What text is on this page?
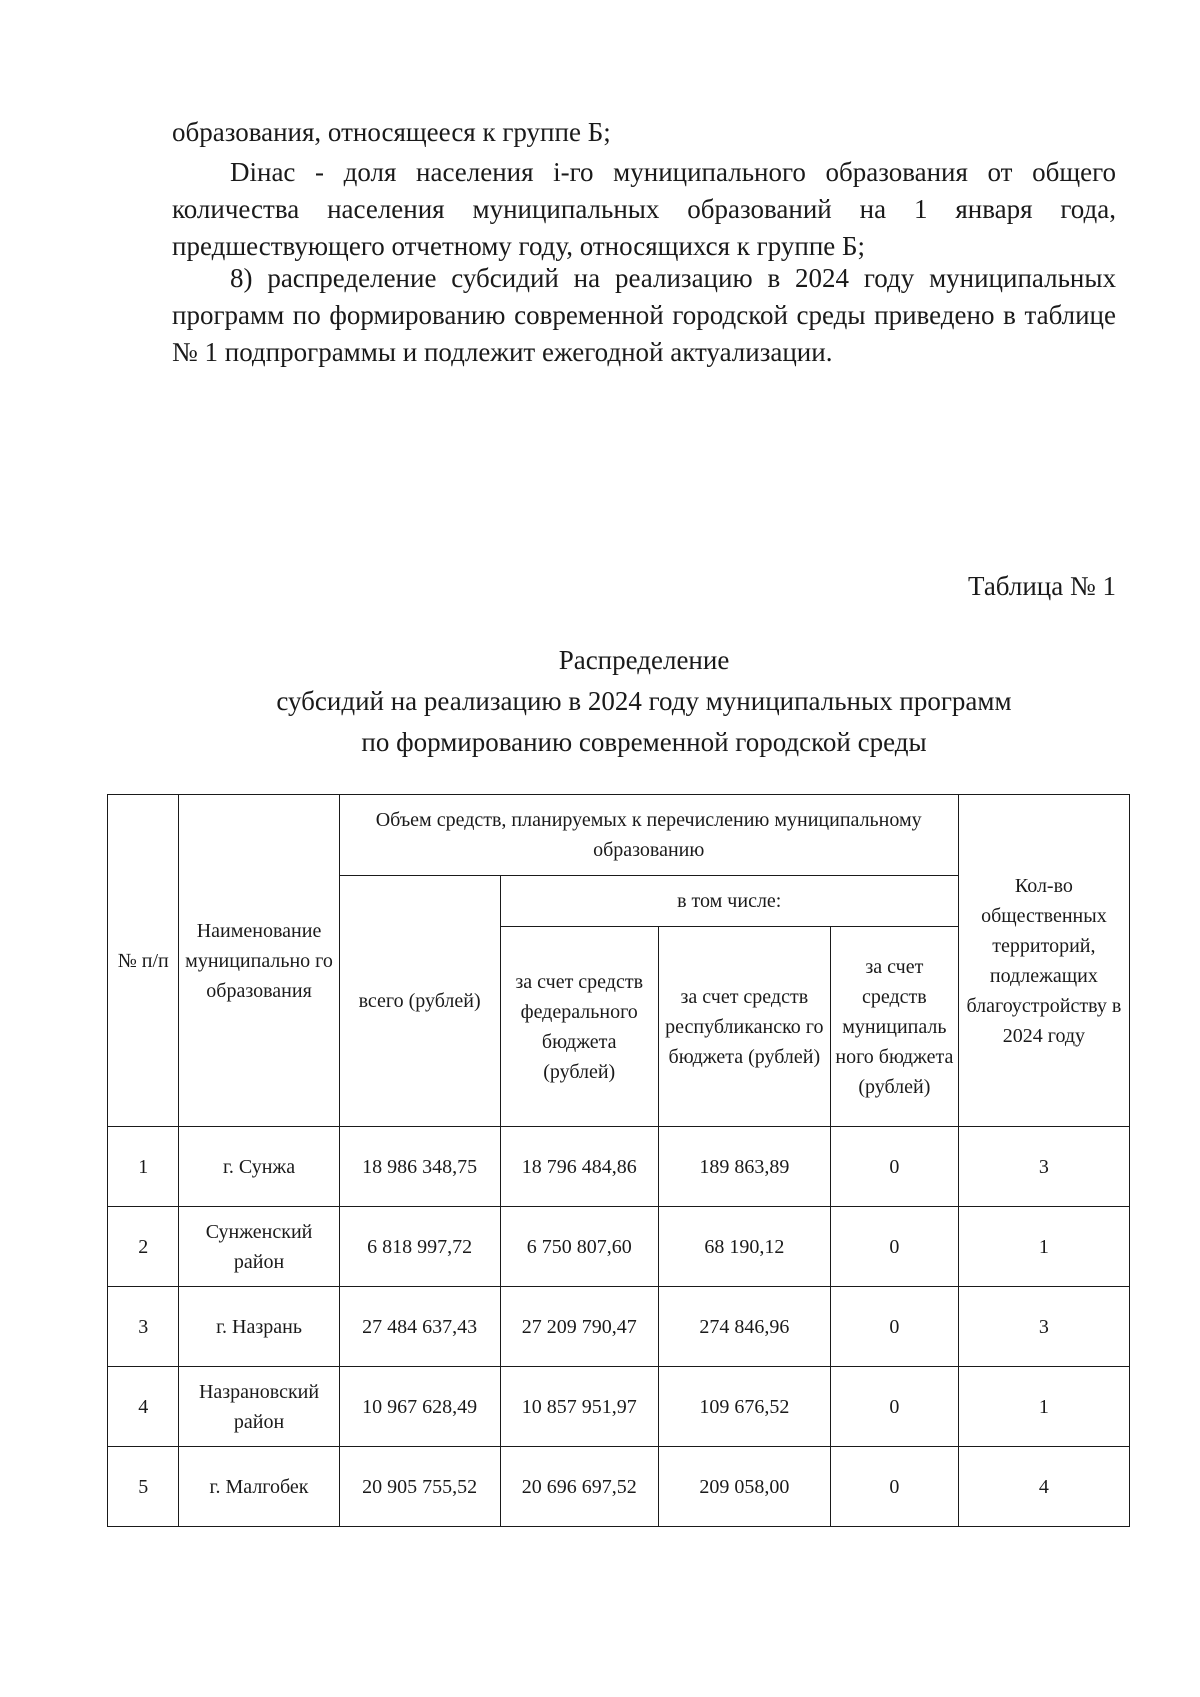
образования, относящееся к группе Б;

Dінас - доля населения i-го муниципального образования от общего количества населения муниципальных образований на 1 января года, предшествующего отчетному году, относящихся к группе Б;

8) распределение субсидий на реализацию в 2024 году муниципальных программ по формированию современной городской среды приведено в таблице № 1 подпрограммы и подлежит ежегодной актуализации.

Таблица № 1

Распределение
субсидий на реализацию в 2024 году муниципальных программ
по формированию современной городской среды
№ п/п	Наименование муниципально го образования	Объем средств, планируемых к перечислению муниципальному образованию				Кол-во общественных территорий, подлежащих благоустройству в 2024 году
		всего (рублей)	в том числе:			
			за счет средств федерального бюджета (рублей)	за счет средств республиканско го бюджета (рублей)	за счет средств муниципаль ного бюджета (рублей)	
1	г. Сунжа	18 986 348,75	18 796 484,86	189 863,89	0	3
2	Сунженский район	6 818 997,72	6 750 807,60	68 190,12	0	1
3	г. Назрань	27 484 637,43	27 209 790,47	274 846,96	0	3
4	Назрановский район	10 967 628,49	10 857 951,97	109 676,52	0	1
5	г. Малгобек	20 905 755,52	20 696 697,52	209 058,00	0	4
